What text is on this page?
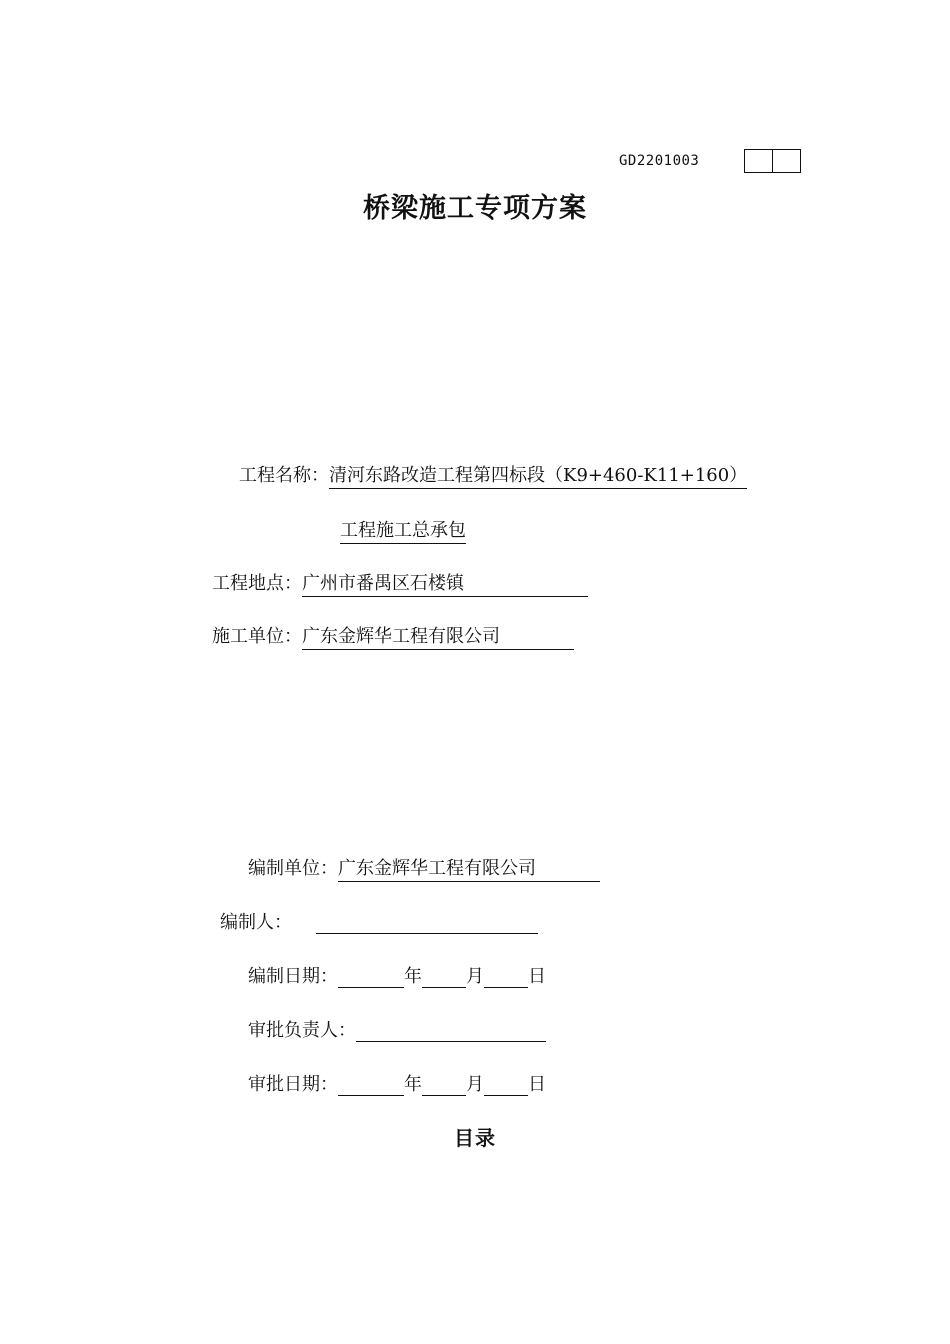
GD2201003
桥梁施工专项方案
工程名称：清河东路改造工程第四标段（K9+460-K11+160）
工程施工总承包
工程地点：广州市番禺区石楼镇
施工单位：广东金辉华工程有限公司
编制单位：广东金辉华工程有限公司
编制人：
编制日期：	年 月 日
审批负责人：
审批日期：	年 月 日
目录
